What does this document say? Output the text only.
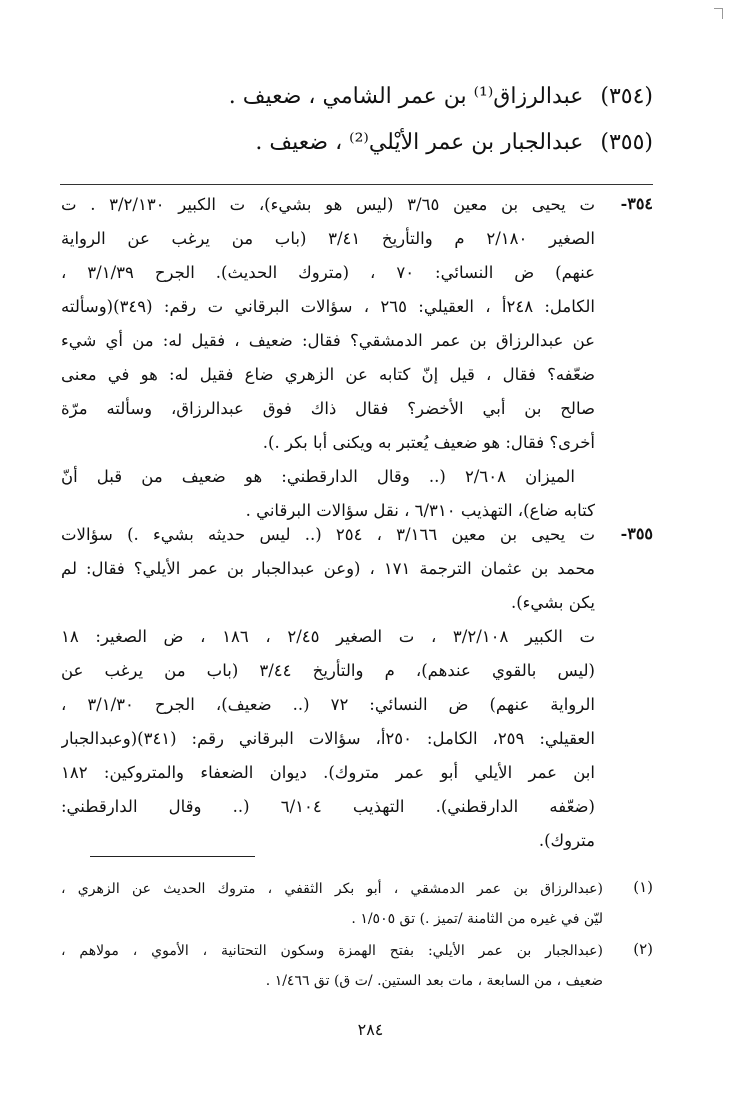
(٣٥٤) عبدالرزاق⁽¹⁾ بن عمر الشامي ، ضعيف .
(٣٥٥) عبدالجبار بن عمر الأيْلي⁽²⁾ ، ضعيف .
٣٥٤-
ت يحيى بن معين ٣/٦٥ (ليس هو بشيء)، ت الكبير ٣/٢/١٣٠ . ت
الصغير ٢/١٨٠ م والتأريخ ٣/٤١ (باب من يرغب عن الرواية
عنهم) ض النسائي: ٧٠ ، (متروك الحديث). الجرح ٣/١/٣٩ ،
الكامل: ٢٤٨أ ، العقيلي: ٢٦٥ ، سؤالات البرقاني ت رقم: (٣٤٩)(وسألته
عن عبدالرزاق بن عمر الدمشقي؟ فقال: ضعيف ، فقيل له: من أي شيء
ضعّفه؟ فقال ، قيل إنّ كتابه عن الزهري ضاع فقيل له: هو في معنى
صالح بن أبي الأخضر؟ فقال ذاك فوق عبدالرزاق، وسألته مرّة
أخرى؟ فقال: هو ضعيف يُعتبر به ويكنى أبا بكر .).
الميزان ٢/٦٠٨ (.. وقال الدارقطني: هو ضعيف من قبل أنّ
كتابه ضاع)، التهذيب ٦/٣١٠ ، نقل سؤالات البرقاني .
٣٥٥-
ت يحيى بن معين ٣/١٦٦ ، ٢٥٤ (.. ليس حديثه بشيء .) سؤالات
محمد بن عثمان الترجمة ١٧١ ، (وعن عبدالجبار بن عمر الأيلي؟ فقال: لم
يكن بشيء).
ت الكبير ٣/٢/١٠٨ ، ت الصغير ٢/٤٥ ، ١٨٦ ، ض الصغير: ١٨
(ليس بالقوي عندهم)، م والتأريخ ٣/٤٤ (باب من يرغب عن
الرواية عنهم) ض النسائي: ٧٢ (.. ضعيف)، الجرح ٣/١/٣٠ ،
العقيلي: ٢٥٩، الكامل: ٢٥٠أ، سؤالات البرقاني رقم: (٣٤١)(وعبدالجبار
ابن عمر الأيلي أبو عمر متروك). ديوان الضعفاء والمتروكين: ١٨٢
(ضعّفه الدارقطني). التهذيب ٦/١٠٤ (.. وقال الدارقطني:
متروك).
(١)
(عبدالرزاق بن عمر الدمشقي ، أبو بكر الثقفي ، متروك الحديث عن الزهري ،
ليّن في غيره من الثامنة /تميز .) تق ١/٥٠٥ .
(٢)
(عبدالجبار بن عمر الأيلي: بفتح الهمزة وسكون التحتانية ، الأموي ، مولاهم ،
ضعيف ، من السابعة ، مات بعد الستين. /ت ق) تق ١/٤٦٦ .
٢٨٤
